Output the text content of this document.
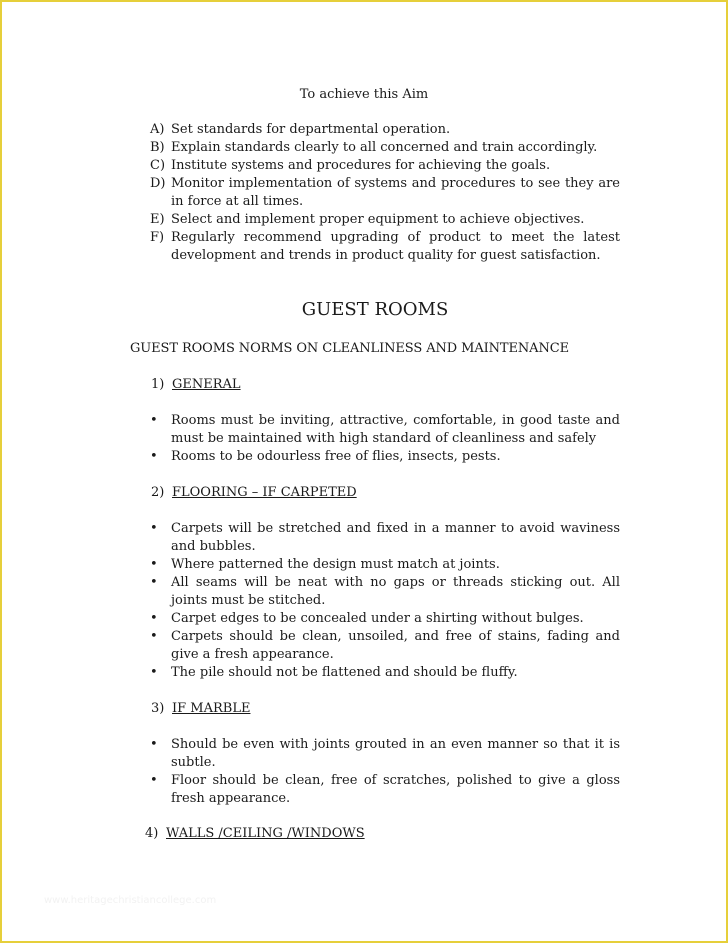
To achieve this Aim

A) Set standards for departmental operation.

B) Explain standards clearly to all concerned and train accordingly.

C) Institute systems and procedures for achieving the goals.

D) Monitor implementation of systems and procedures to see they are in force at all times.

E) Select and implement proper equipment to achieve objectives.

F) Regularly recommend upgrading of product to meet the latest development and trends in product quality for guest satisfaction.

GUEST ROOMS
GUEST ROOMS NORMS ON CLEANLINESS AND MAINTENANCE
1) GENERAL

• Rooms must be inviting, attractive, comfortable, in good taste and must be maintained with high standard of cleanliness and safely

• Rooms to be odourless free of flies, insects, pests.

2) FLOORING – IF CARPETED

• Carpets will be stretched and fixed in a manner to avoid waviness and bubbles.

• Where patterned the design must match at joints.

• All seams will be neat with no gaps or threads sticking out. All joints must be stitched.

• Carpet edges to be concealed under a shirting without bulges.

• Carpets should be clean, unsoiled, and free of stains, fading and give a fresh appearance.

• The pile should not be flattened and should be fluffy.

3) IF MARBLE

• Should be even with joints grouted in an even manner so that it is subtle.

• Floor should be clean, free of scratches, polished to give a gloss fresh appearance.

4) WALLS /CEILING /WINDOWS
www.heritagechristiancollege.com
